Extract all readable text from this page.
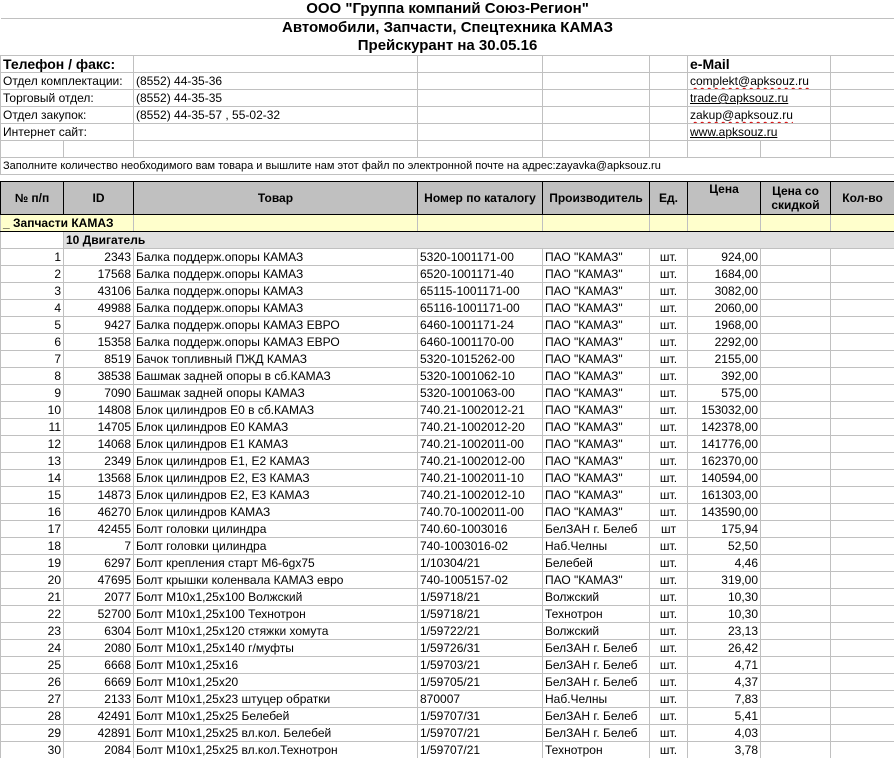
ООО "Группа компаний Союз-Регион"								
Автомобили, Запчасти, Спецтехника КАМАЗ								
Прейскурант на 30.05.16								
Телефон / факс:						e-Mail		
Отдел комплектации:		(8552) 44-35-36				complekt@apksouz.ru		
Торговый отдел:		(8552) 44-35-35				trade@apksouz.ru		
Отдел закупок:		(8552) 44-35-57 , 55-02-32				zakup@apksouz.ru		
Интернет сайт:						www.apksouz.ru		

Заполните количество необходимого вам товара и вышлите нам этот файл по электронной почте на адрес:zayavka@apksouz.ru								

№ п/п	ID	Товар	Номер по каталогу	Производитель	Ед.	Цена	Цена со скидкой	Кол-во
_ Запчасти КАМАЗ								
	10 Двигатель							
1	2343	Балка поддерж.опоры КАМАЗ	5320-1001171-00	ПАО "КАМАЗ"	шт.	924,00		
2	17568	Балка поддерж.опоры КАМАЗ	6520-1001171-40	ПАО "КАМАЗ"	шт.	1684,00		
3	43106	Балка поддерж.опоры КАМАЗ	65115-1001171-00	ПАО "КАМАЗ"	шт.	3082,00		
4	49988	Балка поддерж.опоры КАМАЗ	65116-1001171-00	ПАО "КАМАЗ"	шт.	2060,00		
5	9427	Балка поддерж.опоры КАМАЗ ЕВРО	6460-1001171-24	ПАО "КАМАЗ"	шт.	1968,00		
6	15358	Балка поддерж.опоры КАМАЗ ЕВРО	6460-1001170-00	ПАО "КАМАЗ"	шт.	2292,00		
7	8519	Бачок топливный ПЖД КАМАЗ	5320-1015262-00	ПАО "КАМАЗ"	шт.	2155,00		
8	38538	Башмак задней опоры в сб.КАМАЗ	5320-1001062-10	ПАО "КАМАЗ"	шт.	392,00		
9	7090	Башмак задней опоры КАМАЗ	5320-1001063-00	ПАО "КАМАЗ"	шт.	575,00		
10	14808	Блок цилиндров Е0 в сб.КАМАЗ	740.21-1002012-21	ПАО "КАМАЗ"	шт.	153032,00		
11	14705	Блок цилиндров Е0 КАМАЗ	740.21-1002012-20	ПАО "КАМАЗ"	шт.	142378,00		
12	14068	Блок цилиндров Е1 КАМАЗ	740.21-1002011-00	ПАО "КАМАЗ"	шт.	141776,00		
13	2349	Блок цилиндров Е1, Е2 КАМАЗ	740.21-1002012-00	ПАО "КАМАЗ"	шт.	162370,00		
14	13568	Блок цилиндров Е2, Е3 КАМАЗ	740.21-1002011-10	ПАО "КАМАЗ"	шт.	140594,00		
15	14873	Блок цилиндров Е2, Е3 КАМАЗ	740.21-1002012-10	ПАО "КАМАЗ"	шт.	161303,00		
16	46270	Блок цилиндров КАМАЗ	740.70-1002011-00	ПАО "КАМАЗ"	шт.	143590,00		
17	42455	Болт головки цилиндра	740.60-1003016	БелЗАН г. Белеб	шт	175,94		
18	7	Болт головки цилиндра	740-1003016-02	Наб.Челны	шт.	52,50		
19	6297	Болт крепления старт М6-6gх75	1/10304/21	Белебей	шт.	4,46		
20	47695	Болт крышки коленвала КАМАЗ евро	740-1005157-02	ПАО "КАМАЗ"	шт.	319,00		
21	2077	Болт М10х1,25х100 Волжский	1/59718/21	Волжский	шт.	10,30		
22	52700	Болт М10х1,25х100 Технотрон	1/59718/21	Технотрон	шт.	10,30		
23	6304	Болт М10х1,25х120 стяжки хомута	1/59722/21	Волжский	шт.	23,13		
24	2080	Болт М10х1,25х140 г/муфты	1/59726/31	БелЗАН г. Белеб	шт.	26,42		
25	6668	Болт М10х1,25х16	1/59703/21	БелЗАН г. Белеб	шт.	4,71		
26	6669	Болт М10х1,25х20	1/59705/21	БелЗАН г. Белеб	шт.	4,37		
27	2133	Болт М10х1,25х23 штуцер обратки	870007	Наб.Челны	шт.	7,83		
28	42491	Болт М10х1,25х25 Белебей	1/59707/31	БелЗАН г. Белеб	шт.	5,41		
29	42891	Болт М10х1,25х25 вл.кол. Белебей	1/59707/21	БелЗАН г. Белеб	шт.	4,03		
30	2084	Болт М10х1,25х25 вл.кол.Технотрон	1/59707/21	Технотрон	шт.	3,78		
